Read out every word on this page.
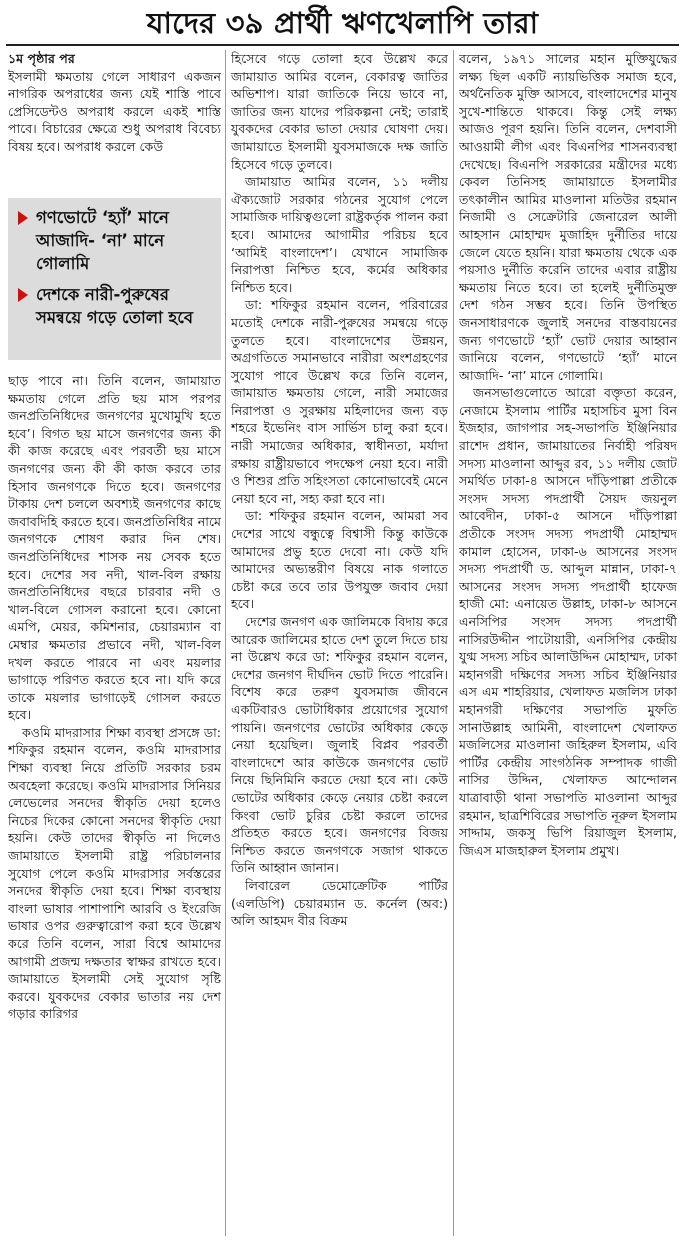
যাদের ৩৯ প্রার্থী ঋণখেলাপি তারা

১ম পৃষ্ঠার পর
ইসলামী ক্ষমতায় গেলে সাধারণ একজন নাগরিক অপরাধের জন্য যেই শাস্তি পাবে প্রেসিডেন্টও অপরাধ করলে একই শাস্তি পাবে। বিচারের ক্ষেত্রে শুধু অপরাধ বিবেচ্য বিষয় হবে। অপরাধ করলে কেউ

গণভোটে ‘হ্যাঁ’ মানে আজাদি- ‘না’ মানে গোলামি
দেশকে নারী-পুরুষের সমন্বয়ে গড়ে তোলা হবে

ছাড় পাবে না। তিনি বলেন, জামায়াত ক্ষমতায় গেলে প্রতি ছয় মাস পরপর জনপ্রতিনিধিদের জনগণের মুখোমুখি হতে হবে’। বিগত ছয় মাসে জনগণের জন্য কী কী কাজ করেছে এবং পরবর্তী ছয় মাসে জনগণের জন্য কী কী কাজ করবে তার হিসাব জনগণকে দিতে হবে। জনগণের টাকায় দেশ চললে অবশ্যই জনগণের কাছে জবাবদিহি করতে হবে। জনপ্রতিনিধির নামে জনগণকে শোষণ করার দিন শেষ। জনপ্রতিনিধিদের শাসক নয় সেবক হতে হবে। দেশের সব নদী, খাল-বিল রক্ষায় জনপ্রতিনিধিদের বছরে চারবার নদী ও খাল-বিলে গোসল করানো হবে। কোনো এমপি, মেয়র, কমিশনার, চেয়ারম্যান বা মেম্বার ক্ষমতার প্রভাবে নদী, খাল-বিল দখল করতে পারবে না এবং ময়লার ভাগাড়ে পরিণত করতে হবে না। যদি করে তাকে ময়লার ভাগাড়েই গোসল করতে হবে।

কওমি মাদরাসার শিক্ষা ব্যবস্থা প্রসঙ্গে ডা: শফিকুর রহমান বলেন, কওমি মাদরাসার শিক্ষা ব্যবস্থা নিয়ে প্রতিটি সরকার চরম অবহেলা করেছে। কওমি মাদরাসার সিনিয়র লেভেলের সনদের স্বীকৃতি দেয়া হলেও নিচের দিকের কোনো সনদের স্বীকৃতি দেয়া হয়নি। কেউ তাদের স্বীকৃতি না দিলেও জামায়াতে ইসলামী রাষ্ট্র পরিচালনার সুযোগ পেলে কওমি মাদরাসার সর্বস্তরের সনদের স্বীকৃতি দেয়া হবে। শিক্ষা ব্যবস্থায় বাংলা ভাষার পাশাপাশি আরবি ও ইংরেজি ভাষার ওপর গুরুত্বারোপ করা হবে উল্লেখ করে তিনি বলেন, সারা বিশ্বে আমাদের আগামী প্রজন্ম দক্ষতার স্বাক্ষর রাখতে হবে। জামায়াতে ইসলামী সেই সুযোগ সৃষ্টি করবে। যুবকদের বেকার ভাতার নয় দেশ গড়ার কারিগর

হিসেবে গড়ে তোলা হবে উল্লেখ করে জামায়াত আমির বলেন, বেকারত্ব জাতির অভিশাপ। যারা জাতিকে নিয়ে ভাবে না, জাতির জন্য যাদের পরিকল্পনা নেই; তারাই যুবকদের বেকার ভাতা দেয়ার ঘোষণা দেয়। জামায়াতে ইসলামী যুবসমাজকে দক্ষ জাতি হিসেবে গড়ে তুলবে।

জামায়াত আমির বলেন, ১১ দলীয় ঐক্যজোট সরকার গঠনের সুযোগ পেলে সামাজিক দায়িত্বগুলো রাষ্ট্রকর্তৃক পালন করা হবে। আমাদের আগামীর পরিচয় হবে ‘আমিই বাংলাদেশ’। যেখানে সামাজিক নিরাপত্তা নিশ্চিত হবে, কর্মের অধিকার নিশ্চিত হবে।

ডা: শফিকুর রহমান বলেন, পরিবারের মতোই দেশকে নারী-পুরুষের সমন্বয়ে গড়ে তুলতে হবে। বাংলাদেশের উন্নয়ন, অগ্রগতিতে সমানভাবে নারীরা অংশগ্রহণের সুযোগ পাবে উল্লেখ করে তিনি বলেন, জামায়াত ক্ষমতায় গেলে, নারী সমাজের নিরাপত্তা ও সুরক্ষায় মহিলাদের জন্য বড় শহরে ইভেনিং বাস সার্ভিস চালু করা হবে। নারী সমাজের অধিকার, স্বাধীনতা, মর্যাদা রক্ষায় রাষ্ট্রীয়ভাবে পদক্ষেপ নেয়া হবে। নারী ও শিশুর প্রতি সহিংসতা কোনোভাবেই মেনে নেয়া হবে না, সহ্য করা হবে না।

ডা: শফিকুর রহমান বলেন, আমরা সব দেশের সাথে বন্ধুত্বে বিশ্বাসী কিন্তু কাউকে আমাদের প্রভু হতে দেবো না। কেউ যদি আমাদের অভ্যন্তরীণ বিষয়ে নাক গলাতে চেষ্টা করে তবে তার উপযুক্ত জবাব দেয়া হবে।

দেশের জনগণ এক জালিমকে বিদায় করে আরেক জালিমের হাতে দেশ তুলে দিতে চায় না উল্লেখ করে ডা: শফিকুর রহমান বলেন, দেশের জনগণ দীর্ঘদিন ভোট দিতে পারেনি। বিশেষ করে তরুণ যুবসমাজ জীবনে একটিবারও ভোটাধিকার প্রয়োগের সুযোগ পায়নি। জনগণের ভোটের অধিকার কেড়ে নেয়া হয়েছিল। জুলাই বিপ্লব পরবর্তী বাংলাদেশে আর কাউকে জনগণের ভোট নিয়ে ছিনিমিনি করতে দেয়া হবে না। কেউ ভোটের অধিকার কেড়ে নেয়ার চেষ্টা করলে কিংবা ভোট চুরির চেষ্টা করলে তাদের প্রতিহত করতে হবে। জনগণের বিজয় নিশ্চিত করতে জনগণকে সজাগ থাকতে তিনি আহ্বান জানান।

লিবারেল ডেমোক্রেটিক পার্টির (এলডিপি) চেয়ারম্যান ড. কর্নেল (অব:) অলি আহমদ বীর বিক্রম

বলেন, ১৯৭১ সালের মহান মুক্তিযুদ্ধের লক্ষ্য ছিল একটি ন্যায়ভিত্তিক সমাজ হবে, অর্থনৈতিক মুক্তি আসবে, বাংলাদেশের মানুষ সুখে-শান্তিতে থাকবে। কিন্তু সেই লক্ষ্য আজও পূরণ হয়নি। তিনি বলেন, দেশবাসী আওয়ামী লীগ এবং বিএনপির শাসনব্যবস্থা দেখেছে। বিএনপি সরকারের মন্ত্রীদের মধ্যে কেবল তিনিসহ জামায়াতে ইসলামীর তৎকালীন আমির মাওলানা মতিউর রহমান নিজামী ও সেক্রেটারি জেনারেল আলী আহসান মোহাম্মদ মুজাহিদ দুর্নীতির দায়ে জেলে যেতে হয়নি। যারা ক্ষমতায় থেকে এক পয়সাও দুর্নীতি করেনি তাদের এবার রাষ্ট্রীয় ক্ষমতায় নিতে হবে। তা হলেই দুর্নীতিমুক্ত দেশ গঠন সম্ভব হবে। তিনি উপস্থিত জনসাধারণকে জুলাই সনদের বাস্তবায়নের জন্য গণভোটে ‘হ্যাঁ’ ভোট দেয়ার আহ্বান জানিয়ে বলেন, গণভোটে ‘হ্যাঁ’ মানে আজাদি- ‘না’ মানে গোলামি।

জনসভাগুলোতে আরো বক্তৃতা করেন, নেজামে ইসলাম পার্টির মহাসচিব মুসা বিন ইজহার, জাগপার সহ-সভাপতি ইঞ্জিনিয়ার রাশেদ প্রধান, জামায়াতের নির্বাহী পরিষদ সদস্য মাওলানা আব্দুর রব, ১১ দলীয় জোট সমর্থিত ঢাকা-৪ আসনে দাঁড়িপাল্লা প্রতীকে সংসদ সদস্য পদপ্রার্থী সৈয়দ জয়নুল আবেদীন, ঢাকা-৫ আসনে দাঁড়িপাল্লা প্রতীকে সংসদ সদস্য পদপ্রার্থী মোহাম্মদ কামাল হোসেন, ঢাকা-৬ আসনের সংসদ সদস্য পদপ্রার্থী ড. আব্দুল মান্নান, ঢাকা-৭ আসনের সংসদ সদস্য পদপ্রার্থী হাফেজ হাজী মো: এনায়েত উল্লাহ, ঢাকা-৮ আসনে এনসিপির সংসদ সদস্য পদপ্রার্থী নাসিরউদ্দীন পাটোয়ারী, এনসিপির কেন্দ্রীয় যুগ্ম সদস্য সচিব আলাউদ্দিন মোহাম্মদ, ঢাকা মহানগরী দক্ষিণের সদস্য সচিব ইঞ্জিনিয়ার এস এম শাহরিয়ার, খেলাফত মজলিস ঢাকা মহানগরী দক্ষিণের সভাপতি মুফতি সানাউল্লাহ আমিনী, বাংলাদেশ খেলাফত মজলিসের মাওলানা জহিরুল ইসলাম, এবি পার্টির কেন্দ্রীয় সাংগঠনিক সম্পাদক গাজী নাসির উদ্দিন, খেলাফত আন্দোলন যাত্রাবাড়ী থানা সভাপতি মাওলানা আব্দুর রহমান, ছাত্রশিবিরের সভাপতি নূরুল ইসলাম সাদ্দাম, জকসু ভিপি রিয়াজুল ইসলাম, জিএস মাজহারুল ইসলাম প্রমুখ।
